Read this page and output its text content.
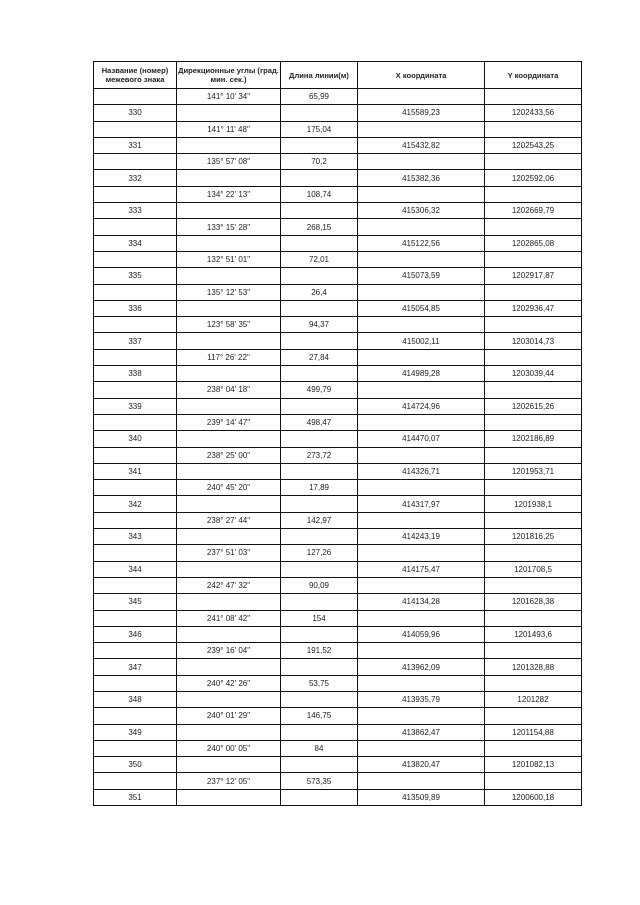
Название (номер) межевого знака	Дирекционные углы (град. мин. сек.)	Длина линии(м)	X координата	Y координата
	141° 10' 34"	65,99		
330			415589,23	1202433,56
	141° 11' 48"	175,04		
331			415432,82	1202543,25
	135° 57' 08"	70,2		
332			415382,36	1202592,06
	134° 22' 13"	108,74		
333			415306,32	1202669,79
	133° 15' 28"	268,15		
334			415122,56	1202865,08
	132° 51' 01"	72,01		
335			415073,59	1202917,87
	135° 12' 53"	26,4		
336			415054,85	1202936,47
	123° 58' 35"	94,37		
337			415002,11	1203014,73
	117° 26' 22"	27,84		
338			414989,28	1203039,44
	238° 04' 18"	499,79		
339			414724,96	1202615,26
	239° 14' 47"	498,47		
340			414470,07	1202186,89
	238° 25' 00"	273,72		
341			414326,71	1201953,71
	240° 45' 20"	17,89		
342			414317,97	1201938,1
	238° 27' 44"	142,97		
343			414243,19	1201816,25
	237° 51' 03"	127,26		
344			414175,47	1201708,5
	242° 47' 32"	90,09		
345			414134,28	1201628,38
	241° 08' 42"	154		
346			414059,96	1201493,6
	239° 16' 04"	191,52		
347			413962,09	1201328,88
	240° 42' 26"	53,75		
348			413935,79	1201282
	240° 01' 29"	146,75		
349			413862,47	1201154,88
	240° 00' 05"	84		
350			413820,47	1201082,13
	237° 12' 05"	573,35		
351			413509,89	1200600,18
